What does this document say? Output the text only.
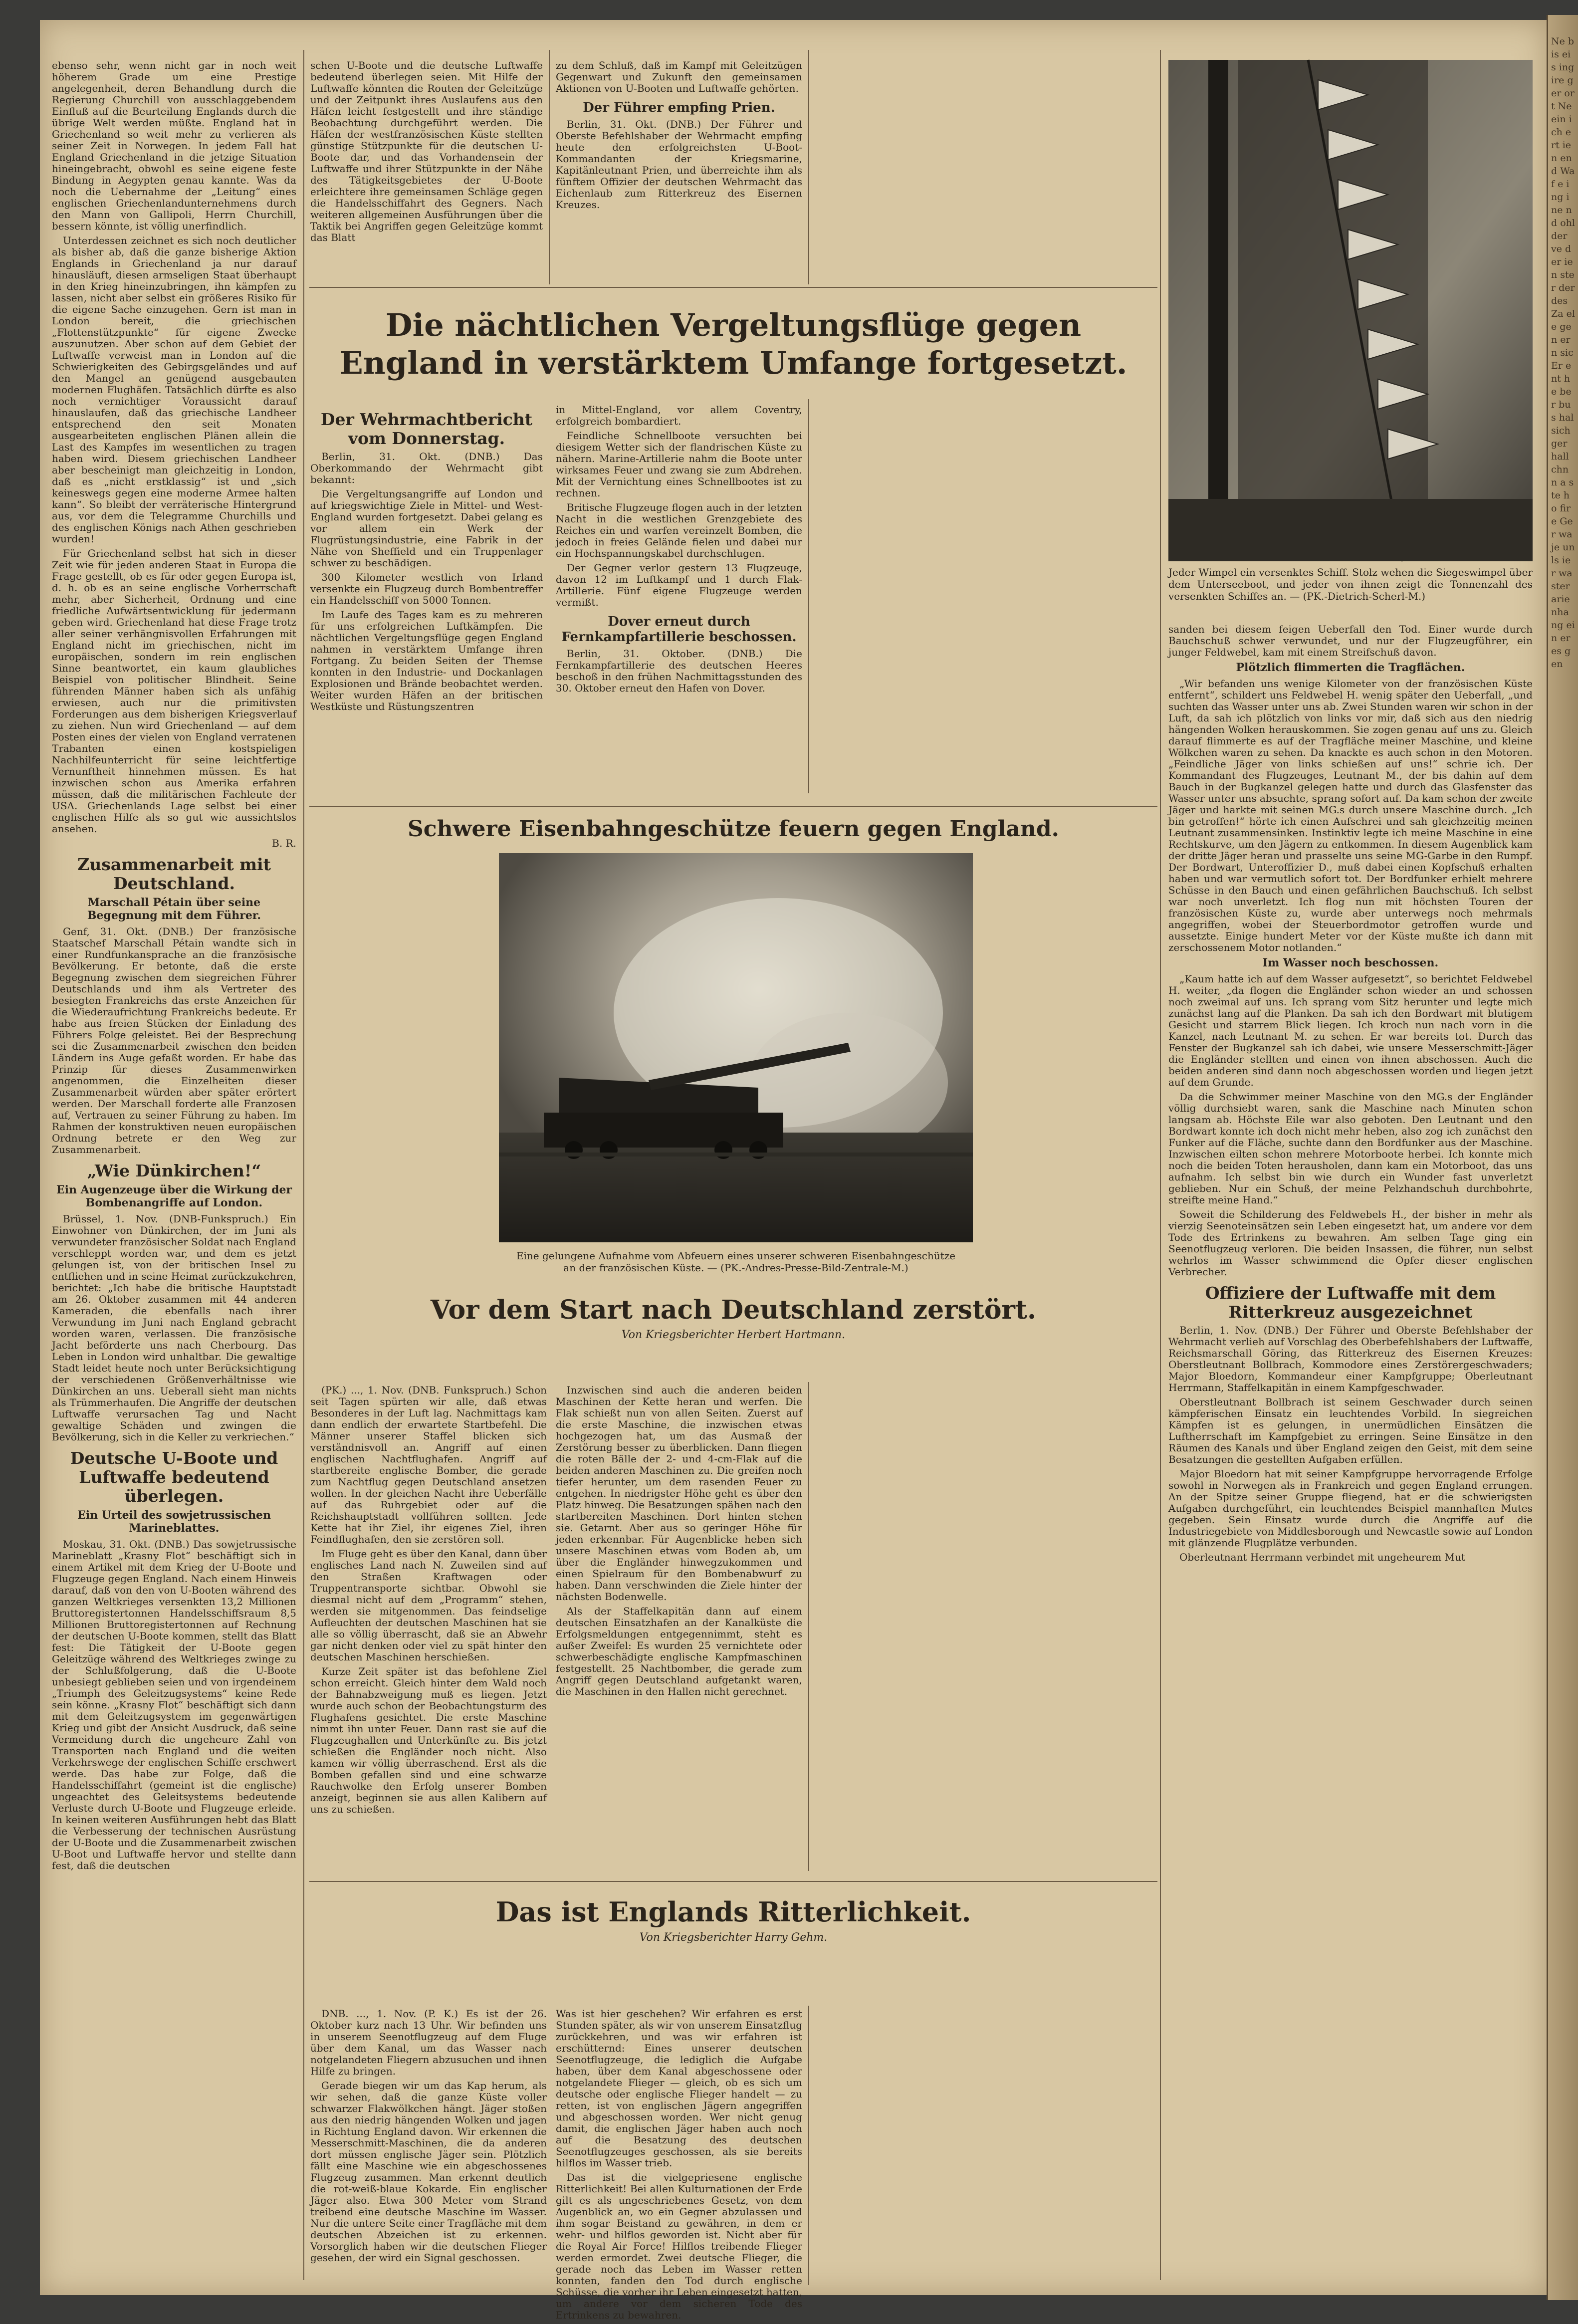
ebenso sehr, wenn nicht gar in noch weit höherem Grade um eine Prestige angelegenheit, deren Behandlung durch die Regierung Churchill von ausschlaggebendem Einfluß auf die Beurteilung Englands durch die übrige Welt werden müßte. England hat in Griechenland so weit mehr zu verlieren als seiner Zeit in Norwegen. In jedem Fall hat England Griechenland in die jetzige Situation hineingebracht, obwohl es seine eigene feste Bindung in Aegypten genau kannte. Was da noch die Uebernahme der „Leitung“ eines englischen Griechenlandunternehmens durch den Mann von Gallipoli, Herrn Churchill, bessern könnte, ist völlig unerfindlich.

Unterdessen zeichnet es sich noch deutlicher als bisher ab, daß die ganze bisherige Aktion Englands in Griechenland ja nur darauf hinausläuft, diesen armseligen Staat überhaupt in den Krieg hineinzubringen, ihn kämpfen zu lassen, nicht aber selbst ein größeres Risiko für die eigene Sache einzugehen. Gern ist man in London bereit, die griechischen „Flottenstützpunkte“ für eigene Zwecke auszunutzen. Aber schon auf dem Gebiet der Luftwaffe verweist man in London auf die Schwierigkeiten des Gebirgsgeländes und auf den Mangel an genügend ausgebauten modernen Flughäfen. Tatsächlich dürfte es also noch vernichtiger Voraussicht darauf hinauslaufen, daß das griechische Landheer entsprechend den seit Monaten ausgearbeiteten englischen Plänen allein die Last des Kampfes im wesentlichen zu tragen haben wird. Diesem griechischen Landheer aber bescheinigt man gleichzeitig in London, daß es „nicht erstklassig“ ist und „sich keineswegs gegen eine moderne Armee halten kann“. So bleibt der verräterische Hintergrund aus, vor dem die Telegramme Churchills und des englischen Königs nach Athen geschrieben wurden!

Für Griechenland selbst hat sich in dieser Zeit wie für jeden anderen Staat in Europa die Frage gestellt, ob es für oder gegen Europa ist, d. h. ob es an seine englische Vorherrschaft mehr, aber Sicherheit, Ordnung und eine friedliche Aufwärtsentwicklung für jedermann geben wird. Griechenland hat diese Frage trotz aller seiner verhängnisvollen Erfahrungen mit England nicht im griechischen, nicht im europäischen, sondern im rein englischen Sinne beantwortet, ein kaum glaubliches Beispiel von politischer Blindheit. Seine führenden Männer haben sich als unfähig erwiesen, auch nur die primitivsten Forderungen aus dem bisherigen Kriegsverlauf zu ziehen. Nun wird Griechenland — auf dem Posten eines der vielen von England verratenen Trabanten einen kostspieligen Nachhilfeunterricht für seine leichtfertige Vernunftheit hinnehmen müssen. Es hat inzwischen schon aus Amerika erfahren müssen, daß die militärischen Fachleute der USA. Griechenlands Lage selbst bei einer englischen Hilfe als so gut wie aussichtslos ansehen.

B. R.
Zusammenarbeit mit Deutschland.
Marschall Pétain über seine Begegnung mit dem Führer.

Genf, 31. Okt. (DNB.) Der französische Staatschef Marschall Pétain wandte sich in einer Rundfunkansprache an die französische Bevölkerung. Er betonte, daß die erste Begegnung zwischen dem siegreichen Führer Deutschlands und ihm als Vertreter des besiegten Frankreichs das erste Anzeichen für die Wiederaufrichtung Frankreichs bedeute. Er habe aus freien Stücken der Einladung des Führers Folge geleistet. Bei der Besprechung sei die Zusammenarbeit zwischen den beiden Ländern ins Auge gefaßt worden. Er habe das Prinzip für dieses Zusammenwirken angenommen, die Einzelheiten dieser Zusammenarbeit würden aber später erörtert werden. Der Marschall forderte alle Franzosen auf, Vertrauen zu seiner Führung zu haben. Im Rahmen der konstruktiven neuen europäischen Ordnung betrete er den Weg zur Zusammenarbeit.

„Wie Dünkirchen!“
Ein Augenzeuge über die Wirkung der Bombenangriffe auf London.

Brüssel, 1. Nov. (DNB-Funkspruch.) Ein Einwohner von Dünkirchen, der im Juni als verwundeter französischer Soldat nach England verschleppt worden war, und dem es jetzt gelungen ist, von der britischen Insel zu entfliehen und in seine Heimat zurückzukehren, berichtet: „Ich habe die britische Hauptstadt am 26. Oktober zusammen mit 44 anderen Kameraden, die ebenfalls nach ihrer Verwundung im Juni nach England gebracht worden waren, verlassen. Die französische Jacht beförderte uns nach Cherbourg. Das Leben in London wird unhaltbar. Die gewaltige Stadt leidet heute noch unter Berücksichtigung der verschiedenen Größenverhältnisse wie Dünkirchen an uns. Ueberall sieht man nichts als Trümmerhaufen. Die Angriffe der deutschen Luftwaffe verursachen Tag und Nacht gewaltige Schäden und zwingen die Bevölkerung, sich in die Keller zu verkriechen.“

Deutsche U-Boote und Luftwaffe bedeutend überlegen.
Ein Urteil des sowjetrussischen Marineblattes.

Moskau, 31. Okt. (DNB.) Das sowjetrussische Marineblatt „Krasny Flot“ beschäftigt sich in einem Artikel mit dem Krieg der U-Boote und Flugzeuge gegen England. Nach einem Hinweis darauf, daß von den von U-Booten während des ganzen Weltkrieges versenkten 13,2 Millionen Bruttoregistertonnen Handelsschiffsraum 8,5 Millionen Bruttoregistertonnen auf Rechnung der deutschen U-Boote kommen, stellt das Blatt fest: Die Tätigkeit der U-Boote gegen Geleitzüge während des Weltkrieges zwinge zu der Schlußfolgerung, daß die U-Boote unbesiegt geblieben seien und von irgendeinem „Triumph des Geleitzugsystems“ keine Rede sein könne. „Krasny Flot“ beschäftigt sich dann mit dem Geleitzugsystem im gegenwärtigen Krieg und gibt der Ansicht Ausdruck, daß seine Vermeidung durch die ungeheure Zahl von Transporten nach England und die weiten Verkehrswege der englischen Schiffe erschwert werde. Das habe zur Folge, daß die Handelsschiffahrt (gemeint ist die englische) ungeachtet des Geleitsystems bedeutende Verluste durch U-Boote und Flugzeuge erleide. In keinen weiteren Ausführungen hebt das Blatt die Verbesserung der technischen Ausrüstung der U-Boote und die Zusammenarbeit zwischen U-Boot und Luftwaffe hervor und stellte dann fest, daß die deutschen

schen U-Boote und die deutsche Luftwaffe bedeutend überlegen seien. Mit Hilfe der Luftwaffe könnten die Routen der Geleitzüge und der Zeitpunkt ihres Auslaufens aus den Häfen leicht festgestellt und ihre ständige Beobachtung durchgeführt werden. Die Häfen der westfranzösischen Küste stellten günstige Stützpunkte für die deutschen U-Boote dar, und das Vorhandensein der Luftwaffe und ihrer Stützpunkte in der Nähe des Tätigkeitsgebietes der U-Boote erleichtere ihre gemeinsamen Schläge gegen die Handelsschiffahrt des Gegners. Nach weiteren allgemeinen Ausführungen über die Taktik bei Angriffen gegen Geleitzüge kommt das Blatt

zu dem Schluß, daß im Kampf mit Geleitzügen Gegenwart und Zukunft den gemeinsamen Aktionen von U-Booten und Luftwaffe gehörten.

Der Führer empfing Prien.

Berlin, 31. Okt. (DNB.) Der Führer und Oberste Befehlshaber der Wehrmacht empfing heute den erfolgreichsten U-Boot-Kommandanten der Kriegsmarine, Kapitänleutnant Prien, und überreichte ihm als fünftem Offizier der deutschen Wehrmacht das Eichenlaub zum Ritterkreuz des Eisernen Kreuzes.

Die nächtlichen Vergeltungsflüge gegen England in verstärktem Umfange fortgesetzt.
Der Wehrmachtbericht vom Donnerstag.

Berlin, 31. Okt. (DNB.) Das Oberkommando der Wehrmacht gibt bekannt:

Die Vergeltungsangriffe auf London und auf kriegswichtige Ziele in Mittel- und West-England wurden fortgesetzt. Dabei gelang es vor allem ein Werk der Flugrüstungsindustrie, eine Fabrik in der Nähe von Sheffield und ein Truppenlager schwer zu beschädigen.

300 Kilometer westlich von Irland versenkte ein Flugzeug durch Bombentreffer ein Handelsschiff von 5000 Tonnen.

Im Laufe des Tages kam es zu mehreren für uns erfolgreichen Luftkämpfen. Die nächtlichen Vergeltungsflüge gegen England nahmen in verstärktem Umfange ihren Fortgang. Zu beiden Seiten der Themse konnten in den Industrie- und Dockanlagen Explosionen und Brände beobachtet werden. Weiter wurden Häfen an der britischen Westküste und Rüstungszentren

in Mittel-England, vor allem Coventry, erfolgreich bombardiert.

Feindliche Schnellboote versuchten bei diesigem Wetter sich der flandrischen Küste zu nähern. Marine-Artillerie nahm die Boote unter wirksames Feuer und zwang sie zum Abdrehen. Mit der Vernichtung eines Schnellbootes ist zu rechnen.

Britische Flugzeuge flogen auch in der letzten Nacht in die westlichen Grenzgebiete des Reiches ein und warfen vereinzelt Bomben, die jedoch in freies Gelände fielen und dabei nur ein Hochspannungskabel durchschlugen.

Der Gegner verlor gestern 13 Flugzeuge, davon 12 im Luftkampf und 1 durch Flak-Artillerie. Fünf eigene Flugzeuge werden vermißt.

Dover erneut durch Fernkampfartillerie beschossen.

Berlin, 31. Oktober. (DNB.) Die Fernkampfartillerie des deutschen Heeres beschoß in den frühen Nachmittagsstunden des 30. Oktober erneut den Hafen von Dover.

Schwere Eisenbahngeschütze feuern gegen England.
Eine gelungene Aufnahme vom Abfeuern eines unserer schweren Eisenbahngeschütze an der französischen Küste. — (PK.-Andres-Presse-Bild-Zentrale-M.)
Vor dem Start nach Deutschland zerstört.
Von Kriegsberichter Herbert Hartmann.

(PK.) ..., 1. Nov. (DNB. Funkspruch.) Schon seit Tagen spürten wir alle, daß etwas Besonderes in der Luft lag. Nachmittags kam dann endlich der erwartete Startbefehl. Die Männer unserer Staffel blicken sich verständnisvoll an. Angriff auf einen englischen Nachtflughafen. Angriff auf startbereite englische Bomber, die gerade zum Nachtflug gegen Deutschland ansetzen wollen. In der gleichen Nacht ihre Ueberfälle auf das Ruhrgebiet oder auf die Reichshauptstadt vollführen sollten. Jede Kette hat ihr Ziel, ihr eigenes Ziel, ihren Feindflughafen, den sie zerstören soll.

Im Fluge geht es über den Kanal, dann über englisches Land nach N. Zuweilen sind auf den Straßen Kraftwagen oder Truppentransporte sichtbar. Obwohl sie diesmal nicht auf dem „Programm“ stehen, werden sie mitgenommen. Das feindselige Aufleuchten der deutschen Maschinen hat sie alle so völlig überrascht, daß sie an Abwehr gar nicht denken oder viel zu spät hinter den deutschen Maschinen herschießen.

Kurze Zeit später ist das befohlene Ziel schon erreicht. Gleich hinter dem Wald noch der Bahnabzweigung muß es liegen. Jetzt wurde auch schon der Beobachtungsturm des Flughafens gesichtet. Die erste Maschine nimmt ihn unter Feuer. Dann rast sie auf die Flugzeughallen und Unterkünfte zu. Bis jetzt schießen die Engländer noch nicht. Also kamen wir völlig überraschend. Erst als die Bomben gefallen sind und eine schwarze Rauchwolke den Erfolg unserer Bomben anzeigt, beginnen sie aus allen Kalibern auf uns zu schießen.

Inzwischen sind auch die anderen beiden Maschinen der Kette heran und werfen. Die Flak schießt nun von allen Seiten. Zuerst auf die erste Maschine, die inzwischen etwas hochgezogen hat, um das Ausmaß der Zerstörung besser zu überblicken. Dann fliegen die roten Bälle der 2- und 4-cm-Flak auf die beiden anderen Maschinen zu. Die greifen noch tiefer herunter, um dem rasenden Feuer zu entgehen. In niedrigster Höhe geht es über den Platz hinweg. Die Besatzungen spähen nach den startbereiten Maschinen. Dort hinten stehen sie. Getarnt. Aber aus so geringer Höhe für jeden erkennbar. Für Augenblicke heben sich unsere Maschinen etwas vom Boden ab, um über die Engländer hinwegzukommen und einen Spielraum für den Bombenabwurf zu haben. Dann verschwinden die Ziele hinter der nächsten Bodenwelle.

Als der Staffelkapitän dann auf einem deutschen Einsatzhafen an der Kanalküste die Erfolgsmeldungen entgegennimmt, steht es außer Zweifel: Es wurden 25 vernichtete oder schwerbeschädigte englische Kampfmaschinen festgestellt. 25 Nachtbomber, die gerade zum Angriff gegen Deutschland aufgetankt waren, die Maschinen in den Hallen nicht gerechnet.

Das ist Englands Ritterlichkeit.
Von Kriegsberichter Harry Gehm.

DNB. ..., 1. Nov. (P. K.) Es ist der 26. Oktober kurz nach 13 Uhr. Wir befinden uns in unserem Seenotflugzeug auf dem Fluge über dem Kanal, um das Wasser nach notgelandeten Fliegern abzusuchen und ihnen Hilfe zu bringen.

Gerade biegen wir um das Kap herum, als wir sehen, daß die ganze Küste voller schwarzer Flakwölkchen hängt. Jäger stoßen aus den niedrig hängenden Wolken und jagen in Richtung England davon. Wir erkennen die Messerschmitt-Maschinen, die da anderen dort müssen englische Jäger sein. Plötzlich fällt eine Maschine wie ein abgeschossenes Flugzeug zusammen. Man erkennt deutlich die rot-weiß-blaue Kokarde. Ein englischer Jäger also. Etwa 300 Meter vom Strand treibend eine deutsche Maschine im Wasser. Nur die untere Seite einer Tragfläche mit dem deutschen Abzeichen ist zu erkennen. Vorsorglich haben wir die deutschen Flieger gesehen, der wird ein Signal geschossen.

Was ist hier geschehen? Wir erfahren es erst Stunden später, als wir von unserem Einsatzflug zurückkehren, und was wir erfahren ist erschütternd: Eines unserer deutschen Seenotflugzeuge, die lediglich die Aufgabe haben, über dem Kanal abgeschossene oder notgelandete Flieger — gleich, ob es sich um deutsche oder englische Flieger handelt — zu retten, ist von englischen Jägern angegriffen und abgeschossen worden. Wer nicht genug damit, die englischen Jäger haben auch noch auf die Besatzung des deutschen Seenotflugzeuges geschossen, als sie bereits hilflos im Wasser trieb.

Das ist die vielgepriesene englische Ritterlichkeit! Bei allen Kulturnationen der Erde gilt es als ungeschriebenes Gesetz, von dem Augenblick an, wo ein Gegner abzulassen und ihm sogar Beistand zu gewähren, in dem er wehr- und hilflos geworden ist. Nicht aber für die Royal Air Force! Hilflos treibende Flieger werden ermordet. Zwei deutsche Flieger, die gerade noch das Leben im Wasser retten konnten, fanden den Tod durch englische Schüsse, die vorher ihr Leben eingesetzt hatten, um andere vor dem sicheren Tode des Ertrinkens zu bewahren.

Jeder Wimpel ein versenktes Schiff. Stolz wehen die Siegeswimpel über dem Unterseeboot, und jeder von ihnen zeigt die Tonnenzahl des versenkten Schiffes an. — (PK.-Dietrich-Scherl-M.)

sanden bei diesem feigen Ueberfall den Tod. Einer wurde durch Bauchschuß schwer verwundet, und nur der Flugzeugführer, ein junger Feldwebel, kam mit einem Streifschuß davon.

Plötzlich flimmerten die Tragflächen.

„Wir befanden uns wenige Kilometer von der französischen Küste entfernt“, schildert uns Feldwebel H. wenig später den Ueberfall, „und suchten das Wasser unter uns ab. Zwei Stunden waren wir schon in der Luft, da sah ich plötzlich von links vor mir, daß sich aus den niedrig hängenden Wolken herauskommen. Sie zogen genau auf uns zu. Gleich darauf flimmerte es auf der Tragfläche meiner Maschine, und kleine Wölkchen waren zu sehen. Da knackte es auch schon in den Motoren. „Feindliche Jäger von links schießen auf uns!“ schrie ich. Der Kommandant des Flugzeuges, Leutnant M., der bis dahin auf dem Bauch in der Bugkanzel gelegen hatte und durch das Glasfenster das Wasser unter uns absuchte, sprang sofort auf. Da kam schon der zweite Jäger und harkte mit seinen MG.s durch unsere Maschine durch. „Ich bin getroffen!“ hörte ich einen Aufschrei und sah gleichzeitig meinen Leutnant zusammensinken. Instinktiv legte ich meine Maschine in eine Rechtskurve, um den Jägern zu entkommen. In diesem Augenblick kam der dritte Jäger heran und prasselte uns seine MG-Garbe in den Rumpf. Der Bordwart, Unteroffizier D., muß dabei einen Kopfschuß erhalten haben und war vermutlich sofort tot. Der Bordfunker erhielt mehrere Schüsse in den Bauch und einen gefährlichen Bauchschuß. Ich selbst war noch unverletzt. Ich flog nun mit höchsten Touren der französischen Küste zu, wurde aber unterwegs noch mehrmals angegriffen, wobei der Steuerbordmotor getroffen wurde und aussetzte. Einige hundert Meter vor der Küste mußte ich dann mit zerschossenem Motor notlanden.“

Im Wasser noch beschossen.

„Kaum hatte ich auf dem Wasser aufgesetzt“, so berichtet Feldwebel H. weiter, „da flogen die Engländer schon wieder an und schossen noch zweimal auf uns. Ich sprang vom Sitz herunter und legte mich zunächst lang auf die Planken. Da sah ich den Bordwart mit blutigem Gesicht und starrem Blick liegen. Ich kroch nun nach vorn in die Kanzel, nach Leutnant M. zu sehen. Er war bereits tot. Durch das Fenster der Bugkanzel sah ich dabei, wie unsere Messerschmitt-Jäger die Engländer stellten und einen von ihnen abschossen. Auch die beiden anderen sind dann noch abgeschossen worden und liegen jetzt auf dem Grunde.

Da die Schwimmer meiner Maschine von den MG.s der Engländer völlig durchsiebt waren, sank die Maschine nach Minuten schon langsam ab. Höchste Eile war also geboten. Den Leutnant und den Bordwart konnte ich doch nicht mehr heben, also zog ich zunächst den Funker auf die Fläche, suchte dann den Bordfunker aus der Maschine. Inzwischen eilten schon mehrere Motorboote herbei. Ich konnte mich noch die beiden Toten herausholen, dann kam ein Motorboot, das uns aufnahm. Ich selbst bin wie durch ein Wunder fast unverletzt geblieben. Nur ein Schuß, der meine Pelzhandschuh durchbohrte, streifte meine Hand.“

Soweit die Schilderung des Feldwebels H., der bisher in mehr als vierzig Seenoteinsätzen sein Leben eingesetzt hat, um andere vor dem Tode des Ertrinkens zu bewahren. Am selben Tage ging ein Seenotflugzeug verloren. Die beiden Insassen, die führer, nun selbst wehrlos im Wasser schwimmend die Opfer dieser englischen Verbrecher.

Offiziere der Luftwaffe mit dem Ritterkreuz ausgezeichnet

Berlin, 1. Nov. (DNB.) Der Führer und Oberste Befehlshaber der Wehrmacht verlieh auf Vorschlag des Oberbefehlshabers der Luftwaffe, Reichsmarschall Göring, das Ritterkreuz des Eisernen Kreuzes: Oberstleutnant Bollbrach, Kommodore eines Zerstörergeschwaders; Major Bloedorn, Kommandeur einer Kampfgruppe; Oberleutnant Herrmann, Staffelkapitän in einem Kampfgeschwader.

Oberstleutnant Bollbrach ist seinem Geschwader durch seinen kämpferischen Einsatz ein leuchtendes Vorbild. In siegreichen Kämpfen ist es gelungen, in unermüdlichen Einsätzen die Luftherrschaft im Kampfgebiet zu erringen. Seine Einsätze in den Räumen des Kanals und über England zeigen den Geist, mit dem seine Besatzungen die gestellten Aufgaben erfüllen.

Major Bloedorn hat mit seiner Kampfgruppe hervorragende Erfolge sowohl in Norwegen als in Frankreich und gegen England errungen. An der Spitze seiner Gruppe fliegend, hat er die schwierigsten Aufgaben durchgeführt, ein leuchtendes Beispiel mannhaften Mutes gegeben. Sein Einsatz wurde durch die Angriffe auf die Industriegebiete von Middlesborough und Newcastle sowie auf London mit glänzende Flugplätze verbunden.

Oberleutnant Herrmann verbindet mit ungeheurem Mut

Ne bis eis ing ire ger ort Ne ein ich ert ien en d Wa f e ing ine nd ohl der ve der ien ster der des Za ele gen ern sic Er ent he ber bus hal sich ger hall chn n a ste ho fire Ger wa je un ls ier wa ster arie nha ng ein er es gen
